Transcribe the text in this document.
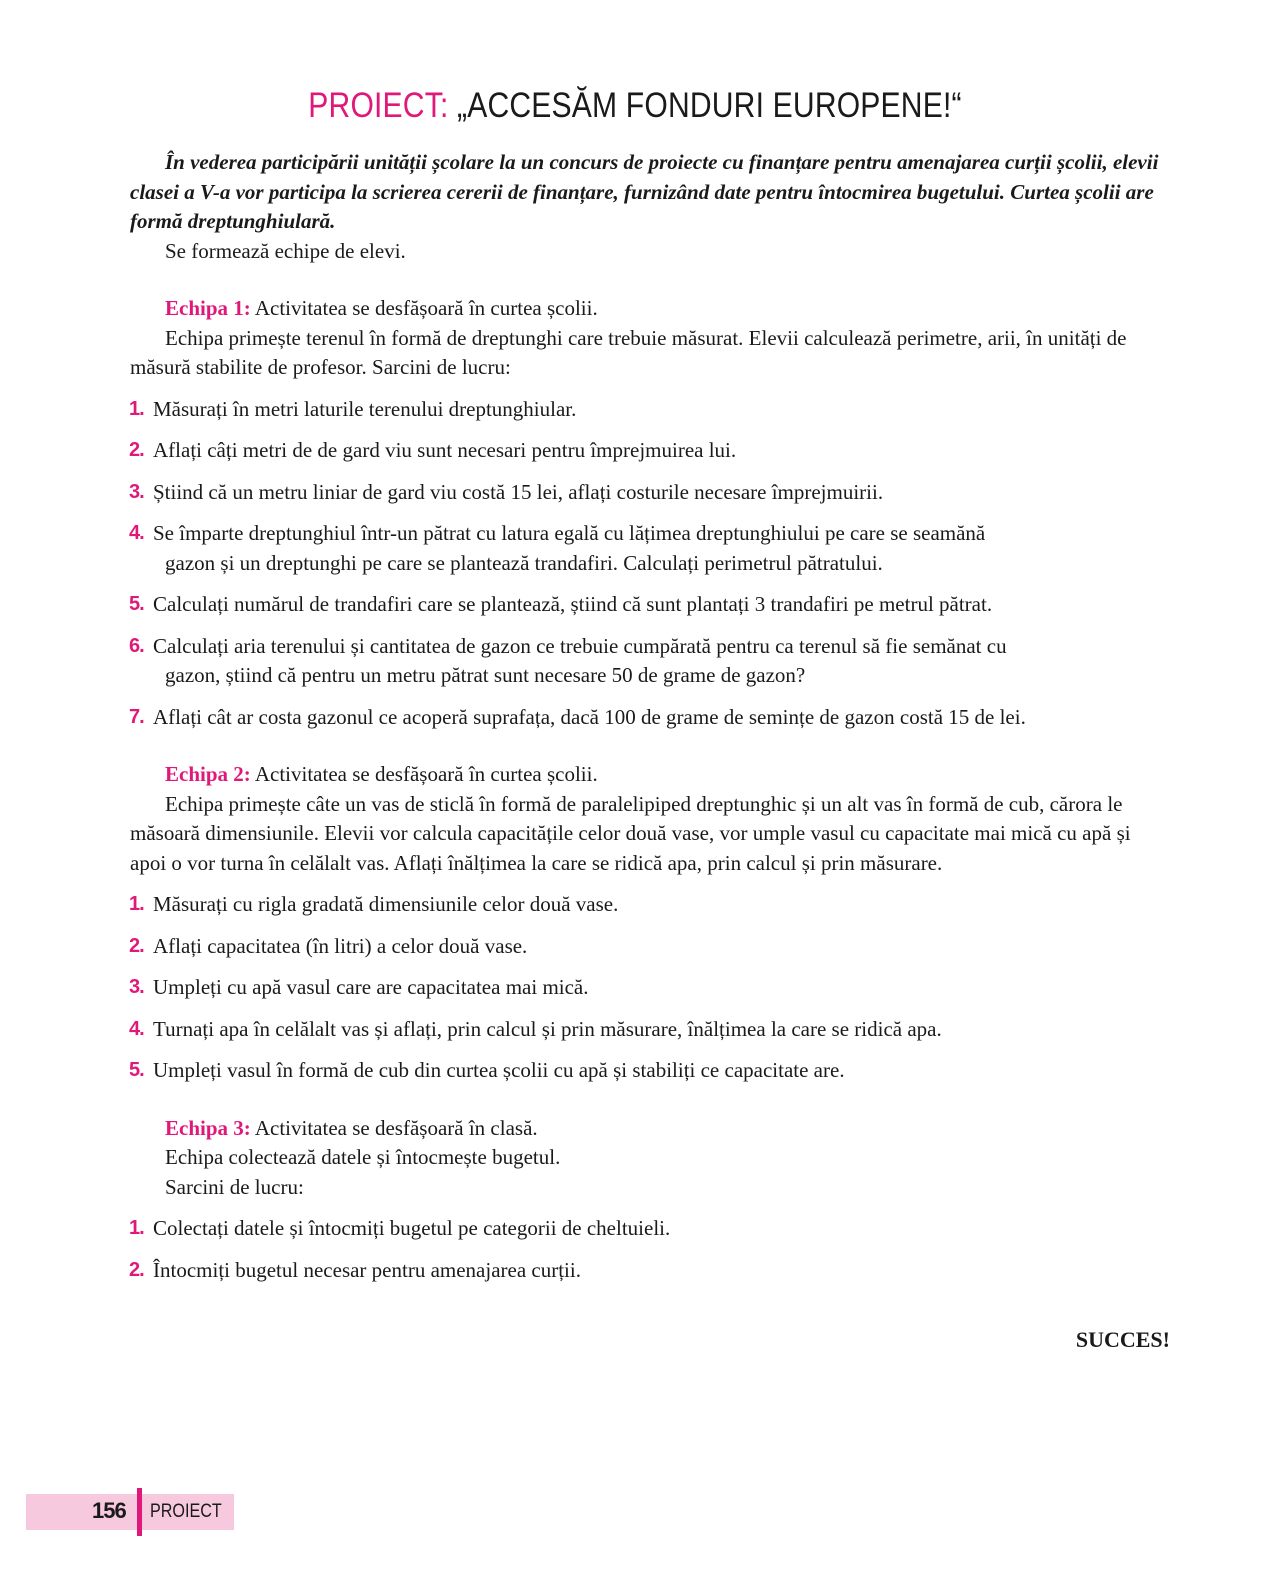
PROIECT: „ACCESĂM FONDURI EUROPENE!“

În vederea participării unității școlare la un concurs de proiecte cu finanțare pentru amenajarea curții școlii, elevii clasei a V-a vor participa la scrierea cererii de finanțare, furnizând date pentru întocmirea bugetului. Curtea școlii are formă dreptunghiulară.

Se formează echipe de elevi.

Echipa 1: Activitatea se desfășoară în curtea școlii.

Echipa primește terenul în formă de dreptunghi care trebuie măsurat. Elevii calculează perimetre, arii, în unități de măsură stabilite de profesor. Sarcini de lucru:

1. Măsurați în metri laturile terenului dreptunghiular.
2. Aflați câți metri de de gard viu sunt necesari pentru împrejmuirea lui.
3. Știind că un metru liniar de gard viu costă 15 lei, aflați costurile necesare împrejmuirii.
4. Se împarte dreptunghiul într-un pătrat cu latura egală cu lățimea dreptunghiului pe care se seamănă
gazon și un dreptunghi pe care se plantează trandafiri. Calculați perimetrul pătratului.
5. Calculați numărul de trandafiri care se plantează, știind că sunt plantați 3 trandafiri pe metrul pătrat.
6. Calculați aria terenului și cantitatea de gazon ce trebuie cumpărată pentru ca terenul să fie semănat cu
gazon, știind că pentru un metru pătrat sunt necesare 50 de grame de gazon?
7. Aflați cât ar costa gazonul ce acoperă suprafața, dacă 100 de grame de semințe de gazon costă 15 de lei.

Echipa 2: Activitatea se desfășoară în curtea școlii.

Echipa primește câte un vas de sticlă în formă de paralelipiped dreptunghic și un alt vas în formă de cub, cărora le măsoară dimensiunile. Elevii vor calcula capacitățile celor două vase, vor umple vasul cu capacitate mai mică cu apă și apoi o vor turna în celălalt vas. Aflați înălțimea la care se ridică apa, prin calcul și prin măsurare.

1. Măsurați cu rigla gradată dimensiunile celor două vase.
2. Aflați capacitatea (în litri) a celor două vase.
3. Umpleți cu apă vasul care are capacitatea mai mică.
4. Turnați apa în celălalt vas și aflați, prin calcul și prin măsurare, înălțimea la care se ridică apa.
5. Umpleți vasul în formă de cub din curtea școlii cu apă și stabiliți ce capacitate are.

Echipa 3: Activitatea se desfășoară în clasă.

Echipa colectează datele și întocmește bugetul.

Sarcini de lucru:

1. Colectați datele și întocmiți bugetul pe categorii de cheltuieli.
2. Întocmiți bugetul necesar pentru amenajarea curții.

SUCCES!

156 PROIECT
